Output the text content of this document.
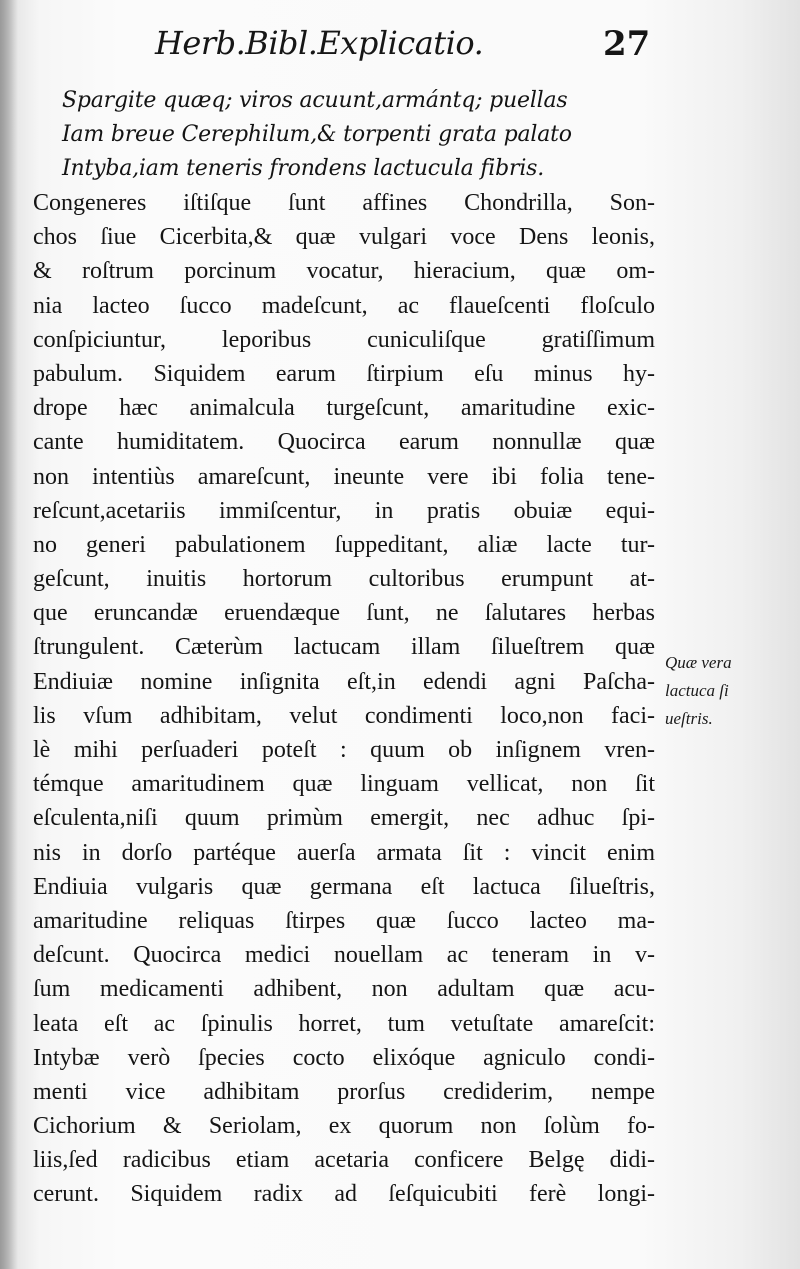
Herb.Bibl.Explicatio.	27
Spargite quæq; viros acuunt,armántq; puellas
Iam breue Cerephilum,& torpenti grata palato
Intyba,iam teneris frondens lactucula fibris.
Congeneres iſtiſque ſunt affines Chondrilla, Son-
chos ſiue Cicerbita,& quæ vulgari voce Dens leonis,
& roſtrum porcinum vocatur, hieracium, quæ om-
nia lacteo ſucco madeſcunt, ac flaueſcenti floſculo
conſpiciuntur, leporibus cuniculiſque gratiſſimum
pabulum. Siquidem earum ſtirpium eſu minus hy-
drope hæc animalcula turgeſcunt, amaritudine exic-
cante humiditatem. Quocirca earum nonnullæ quæ
non intentiùs amareſcunt, ineunte vere ibi folia tene-
reſcunt,acetariis immiſcentur, in pratis obuiæ equi-
no generi pabulationem ſuppeditant, aliæ lacte tur-
geſcunt, inuitis hortorum cultoribus erumpunt at-
que eruncandæ eruendæque ſunt, ne ſalutares herbas
ſtrungulent. Cæterùm lactucam illam ſilueſtrem quæ
Endiuiæ nomine inſignita eſt,in edendi agni Paſcha-
lis vſum adhibitam, velut condimenti loco,non faci-
lè mihi perſuaderi poteſt : quum ob inſignem vren-
témque amaritudinem quæ linguam vellicat, non ſit
eſculenta,niſi quum primùm emergit, nec adhuc ſpi-
nis in dorſo partéque auerſa armata ſit : vincit enim
Endiuia vulgaris quæ germana eſt lactuca ſilueſtris,
amaritudine reliquas ſtirpes quæ ſucco lacteo ma-
deſcunt. Quocirca medici nouellam ac teneram in v-
ſum medicamenti adhibent, non adultam quæ acu-
leata eſt ac ſpinulis horret, tum vetuſtate amareſcit:
Intybæ verò ſpecies cocto elixóque agniculo condi-
menti vice adhibitam prorſus crediderim, nempe
Cichorium & Seriolam, ex quorum non ſolùm fo-
liis,ſed radicibus etiam acetaria conficere Belgę didi-
cerunt. Siquidem radix ad ſeſquicubiti ferè longi-
Quæ vera
lactuca ſi
ueſtris.
